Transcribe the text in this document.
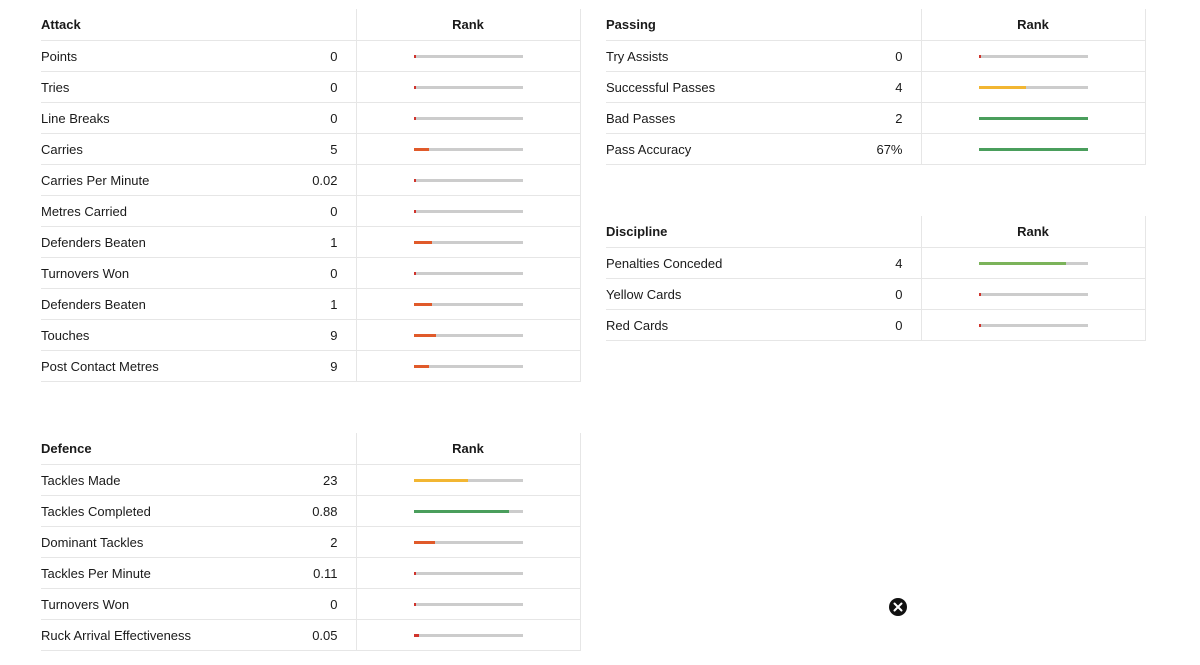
Attack	Rank

Points 0	

Tries 0	

Line Breaks 0	

Carries 5	

Carries Per Minute 0.02	

Metres Carried 0	

Defenders Beaten 1	

Turnovers Won 0	

Defenders Beaten 1	

Touches 9	

Post Contact Metres 9	

Passing	Rank

Try Assists 0	

Successful Passes 4	

Bad Passes 2	

Pass Accuracy 67%	

Discipline	Rank

Penalties Conceded 4	

Yellow Cards 0	

Red Cards 0	

Defence	Rank

Tackles Made 23	

Tackles Completed 0.88	

Dominant Tackles 2	

Tackles Per Minute 0.11	

Turnovers Won 0	

Ruck Arrival Effectiveness 0.05	
